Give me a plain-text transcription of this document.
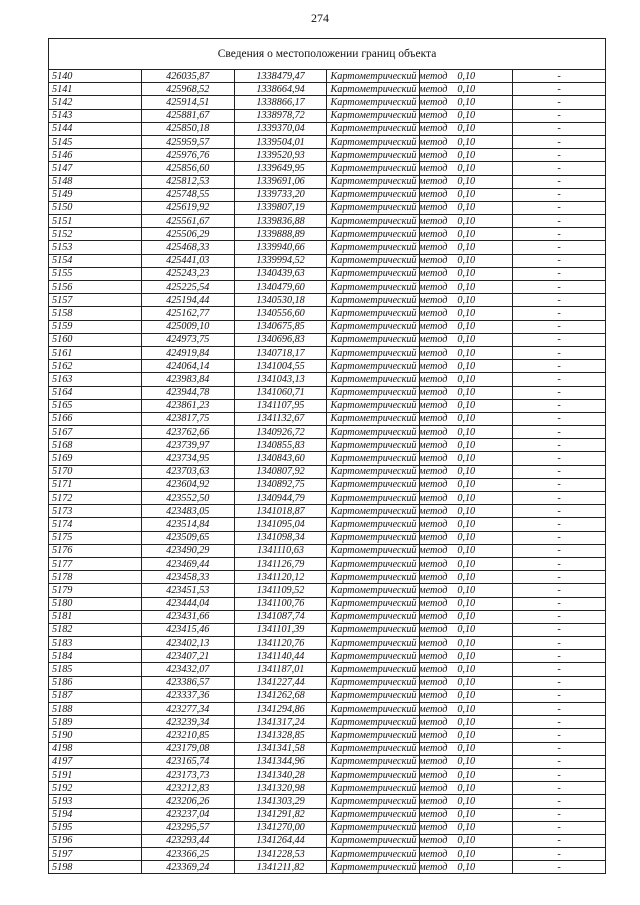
274
Сведения о местоположении границ объекта					
5140	426035,87	1338479,47	Картометрический метод	0,10	-
5141	425968,52	1338664,94	Картометрический метод	0,10	-
5142	425914,51	1338866,17	Картометрический метод	0,10	-
5143	425881,67	1338978,72	Картометрический метод	0,10	-
5144	425850,18	1339370,04	Картометрический метод	0,10	-
5145	425959,57	1339504,01	Картометрический метод	0,10	-
5146	425976,76	1339520,93	Картометрический метод	0,10	-
5147	425856,60	1339649,95	Картометрический метод	0,10	-
5148	425812,53	1339691,06	Картометрический метод	0,10	-
5149	425748,55	1339733,20	Картометрический метод	0,10	-
5150	425619,92	1339807,19	Картометрический метод	0,10	-
5151	425561,67	1339836,88	Картометрический метод	0,10	-
5152	425506,29	1339888,89	Картометрический метод	0,10	-
5153	425468,33	1339940,66	Картометрический метод	0,10	-
5154	425441,03	1339994,52	Картометрический метод	0,10	-
5155	425243,23	1340439,63	Картометрический метод	0,10	-
5156	425225,54	1340479,60	Картометрический метод	0,10	-
5157	425194,44	1340530,18	Картометрический метод	0,10	-
5158	425162,77	1340556,60	Картометрический метод	0,10	-
5159	425009,10	1340675,85	Картометрический метод	0,10	-
5160	424973,75	1340696,83	Картометрический метод	0,10	-
5161	424919,84	1340718,17	Картометрический метод	0,10	-
5162	424064,14	1341004,55	Картометрический метод	0,10	-
5163	423983,84	1341043,13	Картометрический метод	0,10	-
5164	423944,78	1341060,71	Картометрический метод	0,10	-
5165	423861,23	1341107,95	Картометрический метод	0,10	-
5166	423817,75	1341132,67	Картометрический метод	0,10	-
5167	423762,66	1340926,72	Картометрический метод	0,10	-
5168	423739,97	1340855,83	Картометрический метод	0,10	-
5169	423734,95	1340843,60	Картометрический метод	0,10	-
5170	423703,63	1340807,92	Картометрический метод	0,10	-
5171	423604,92	1340892,75	Картометрический метод	0,10	-
5172	423552,50	1340944,79	Картометрический метод	0,10	-
5173	423483,05	1341018,87	Картометрический метод	0,10	-
5174	423514,84	1341095,04	Картометрический метод	0,10	-
5175	423509,65	1341098,34	Картометрический метод	0,10	-
5176	423490,29	1341110,63	Картометрический метод	0,10	-
5177	423469,44	1341126,79	Картометрический метод	0,10	-
5178	423458,33	1341120,12	Картометрический метод	0,10	-
5179	423451,53	1341109,52	Картометрический метод	0,10	-
5180	423444,04	1341100,76	Картометрический метод	0,10	-
5181	423431,66	1341087,74	Картометрический метод	0,10	-
5182	423415,46	1341101,39	Картометрический метод	0,10	-
5183	423402,13	1341120,76	Картометрический метод	0,10	-
5184	423407,21	1341140,44	Картометрический метод	0,10	-
5185	423432,07	1341187,01	Картометрический метод	0,10	-
5186	423386,57	1341227,44	Картометрический метод	0,10	-
5187	423337,36	1341262,68	Картометрический метод	0,10	-
5188	423277,34	1341294,86	Картометрический метод	0,10	-
5189	423239,34	1341317,24	Картометрический метод	0,10	-
5190	423210,85	1341328,85	Картометрический метод	0,10	-
4198	423179,08	1341341,58	Картометрический метод	0,10	-
4197	423165,74	1341344,96	Картометрический метод	0,10	-
5191	423173,73	1341340,28	Картометрический метод	0,10	-
5192	423212,83	1341320,98	Картометрический метод	0,10	-
5193	423206,26	1341303,29	Картометрический метод	0,10	-
5194	423237,04	1341291,82	Картометрический метод	0,10	-
5195	423295,57	1341270,00	Картометрический метод	0,10	-
5196	423293,44	1341264,44	Картометрический метод	0,10	-
5197	423366,25	1341228,53	Картометрический метод	0,10	-
5198	423369,24	1341211,82	Картометрический метод	0,10	-
